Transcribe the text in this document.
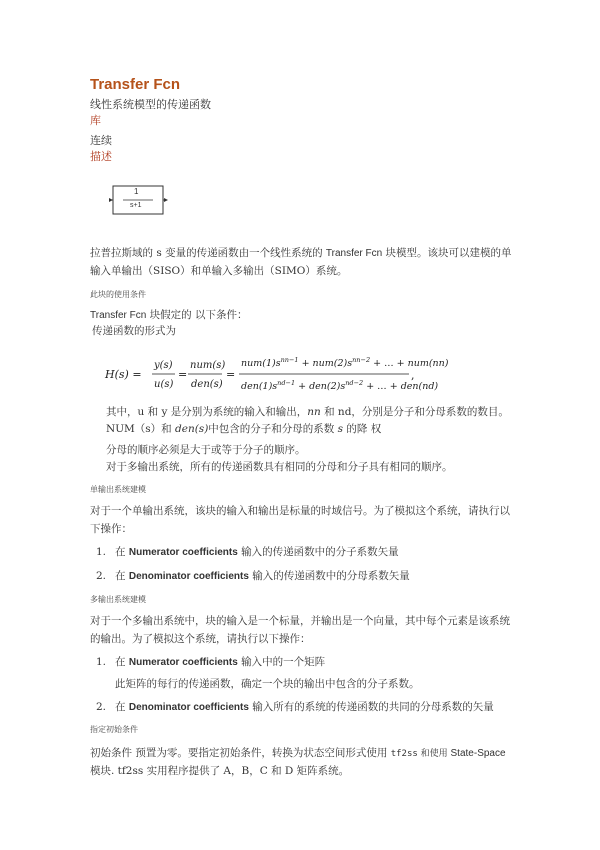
Transfer Fcn
线性系统模型的传递函数
库
连续
描述
1
s+1
拉普拉斯域的 s 变量的传递函数由一个线性系统的 Transfer Fcn 块模型。该块可以建模的单
输入单输出（SISO）和单输入多输出（SIMO）系统。
此块的使用条件
Transfer Fcn 块假定的 以下条件：
传递函数的形式为
H(s) =
y(s)
u(s)
=
num(s)
den(s)
=
$num(1)s^{nn-1} + num(2)s^{nn-2}$ + … + num(nn)
$den(1)s^{nd-1} + den(2)s^{nd-2}$ + … + den(nd)
,
其中，u 和 y 是分别为系统的输入和输出，nn 和 nd，分别是分子和分母系数的数目。
NUM（s）和 den(s)中包含的分子和分母的系数 s 的降 权
分母的顺序必须是大于或等于分子的顺序。
对于多输出系统，所有的传递函数具有相同的分母和分子具有相同的顺序。
单输出系统建模
对于一个单输出系统，该块的输入和输出是标量的时域信号。为了模拟这个系统，请执行以
下操作：
1. 在 Numerator coefficients 输入的传递函数中的分子系数矢量
2. 在 Denominator coefficients 输入的传递函数中的分母系数矢量
多输出系统建模
对于一个多输出系统中，块的输入是一个标量，并输出是一个向量，其中每个元素是该系统
的输出。为了模拟这个系统，请执行以下操作：
1. 在 Numerator coefficients 输入中的一个矩阵
此矩阵的每行的传递函数，确定一个块的输出中包含的分子系数。
2. 在 Denominator coefficients 输入所有的系统的传递函数的共同的分母系数的矢量
指定初始条件
初始条件 预置为零。要指定初始条件，转换为状态空间形式使用 tf2ss 和使用 State-Space
模块. tf2ss 实用程序提供了 A，B，C 和 D 矩阵系统。
